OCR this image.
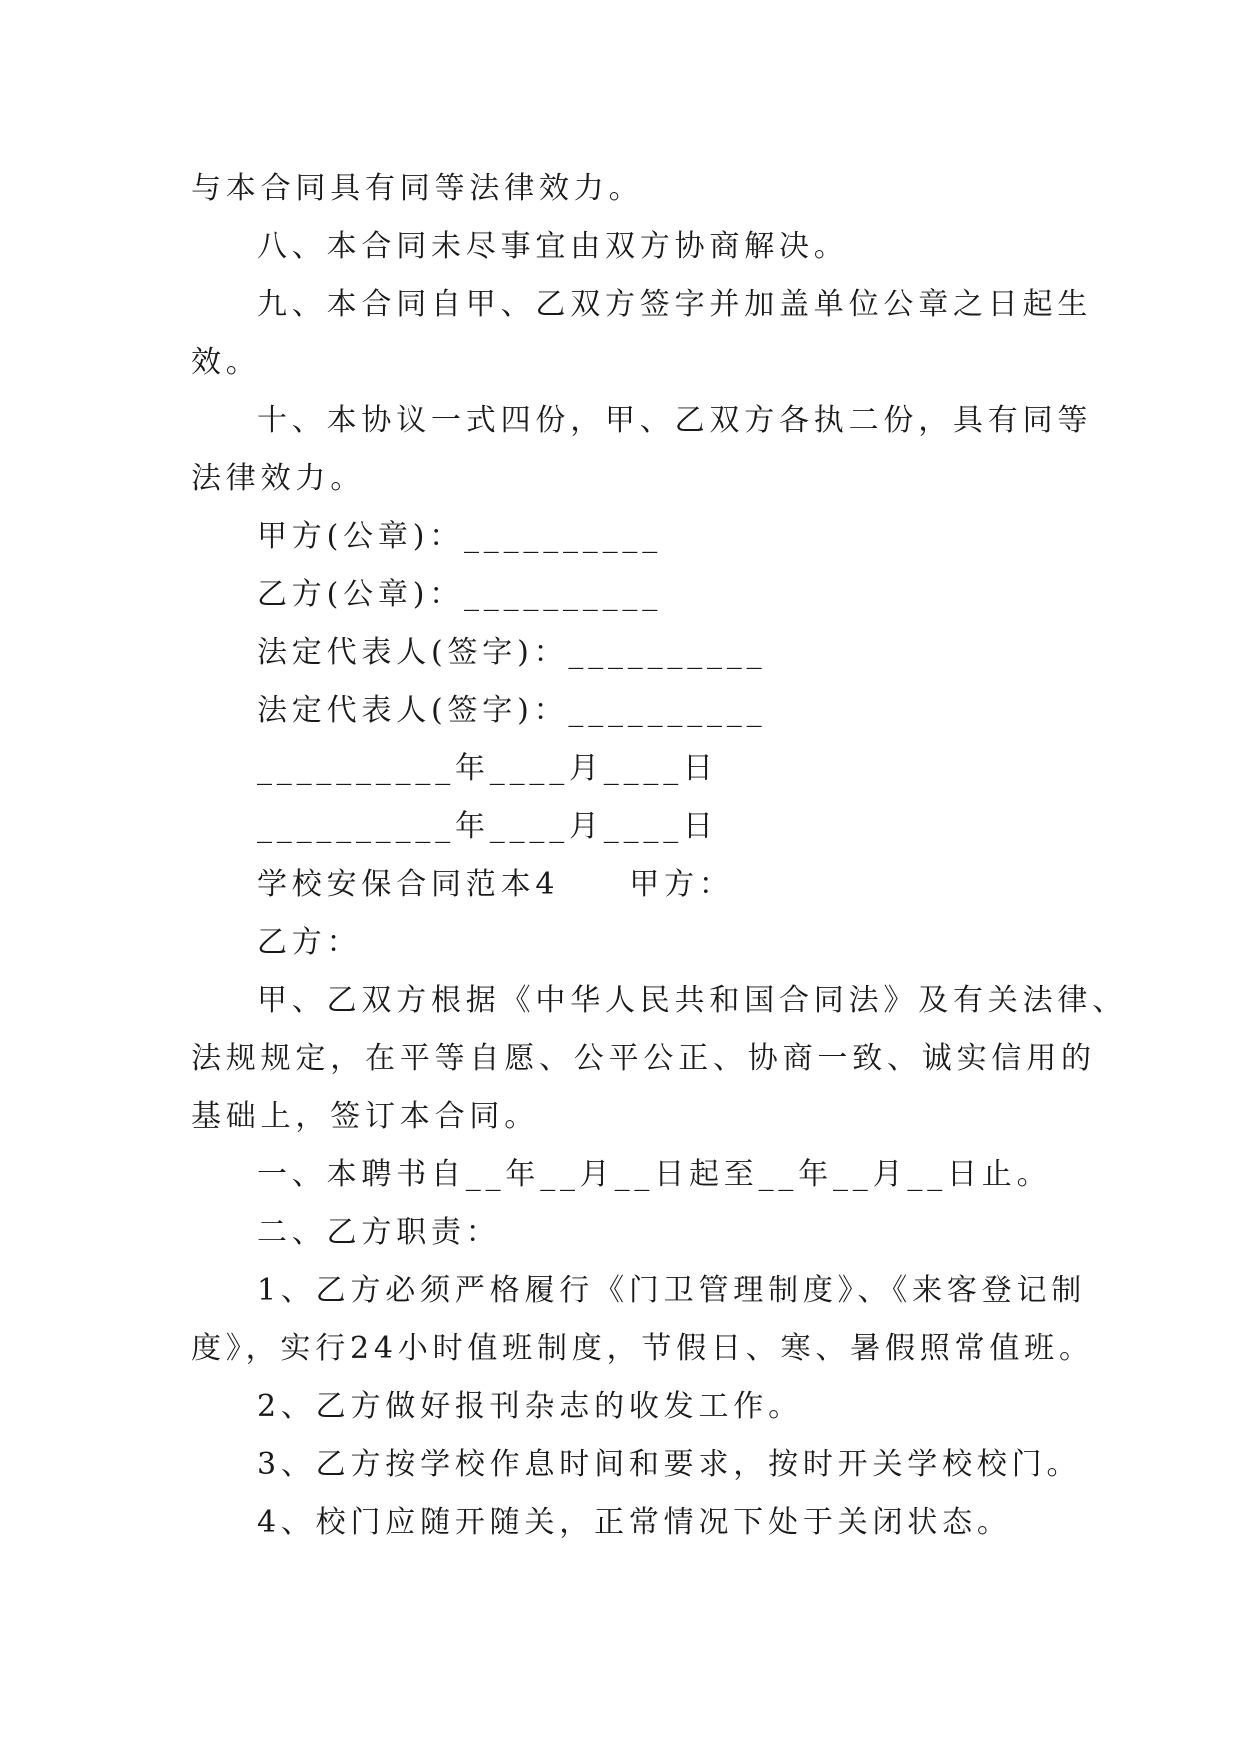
与本合同具有同等法律效力。
八、本合同未尽事宜由双方协商解决。
九、本合同自甲、乙双方签字并加盖单位公章之日起生
效。
十、本协议一式四份，甲、乙双方各执二份，具有同等
法律效力。
甲方(公章)：__________
乙方(公章)：__________
法定代表人(签字)：__________
法定代表人(签字)：__________
__________年____月____日
__________年____月____日
学校安保合同范本4 甲方：
乙方：
甲、乙双方根据《中华人民共和国合同法》及有关法律、
法规规定，在平等自愿、公平公正、协商一致、诚实信用的
基础上，签订本合同。
一、本聘书自__年__月__日起至__年__月__日止。
二、乙方职责：
1、乙方必须严格履行《门卫管理制度》、《来客登记制
度》，实行24小时值班制度，节假日、寒、暑假照常值班。
2、乙方做好报刊杂志的收发工作。
3、乙方按学校作息时间和要求，按时开关学校校门。
4、校门应随开随关，正常情况下处于关闭状态。
